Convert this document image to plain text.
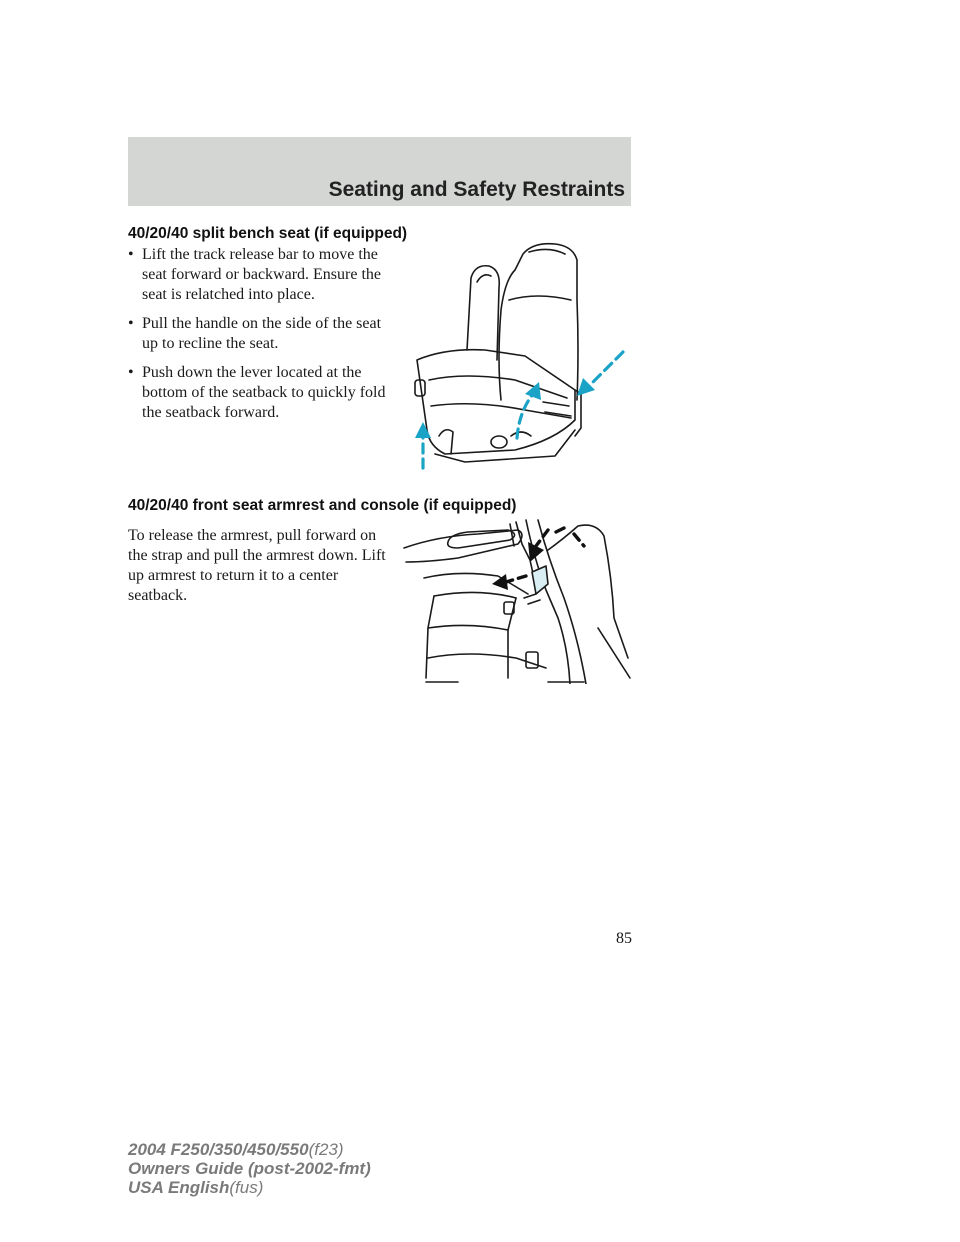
Seating and Safety Restraints
40/20/40 split bench seat (if equipped)
• Lift the track release bar to move the seat forward or backward. Ensure the seat is relatched into place.
• Pull the handle on the side of the seat up to recline the seat.
• Push down the lever located at the bottom of the seatback to quickly fold the seatback forward.
40/20/40 front seat armrest and console (if equipped)

To release the armrest, pull forward on the strap and pull the armrest down. Lift up armrest to return it to a center seatback.

85
2004 F250/350/450/550(f23)
Owners Guide (post-2002-fmt)
USA English(fus)
